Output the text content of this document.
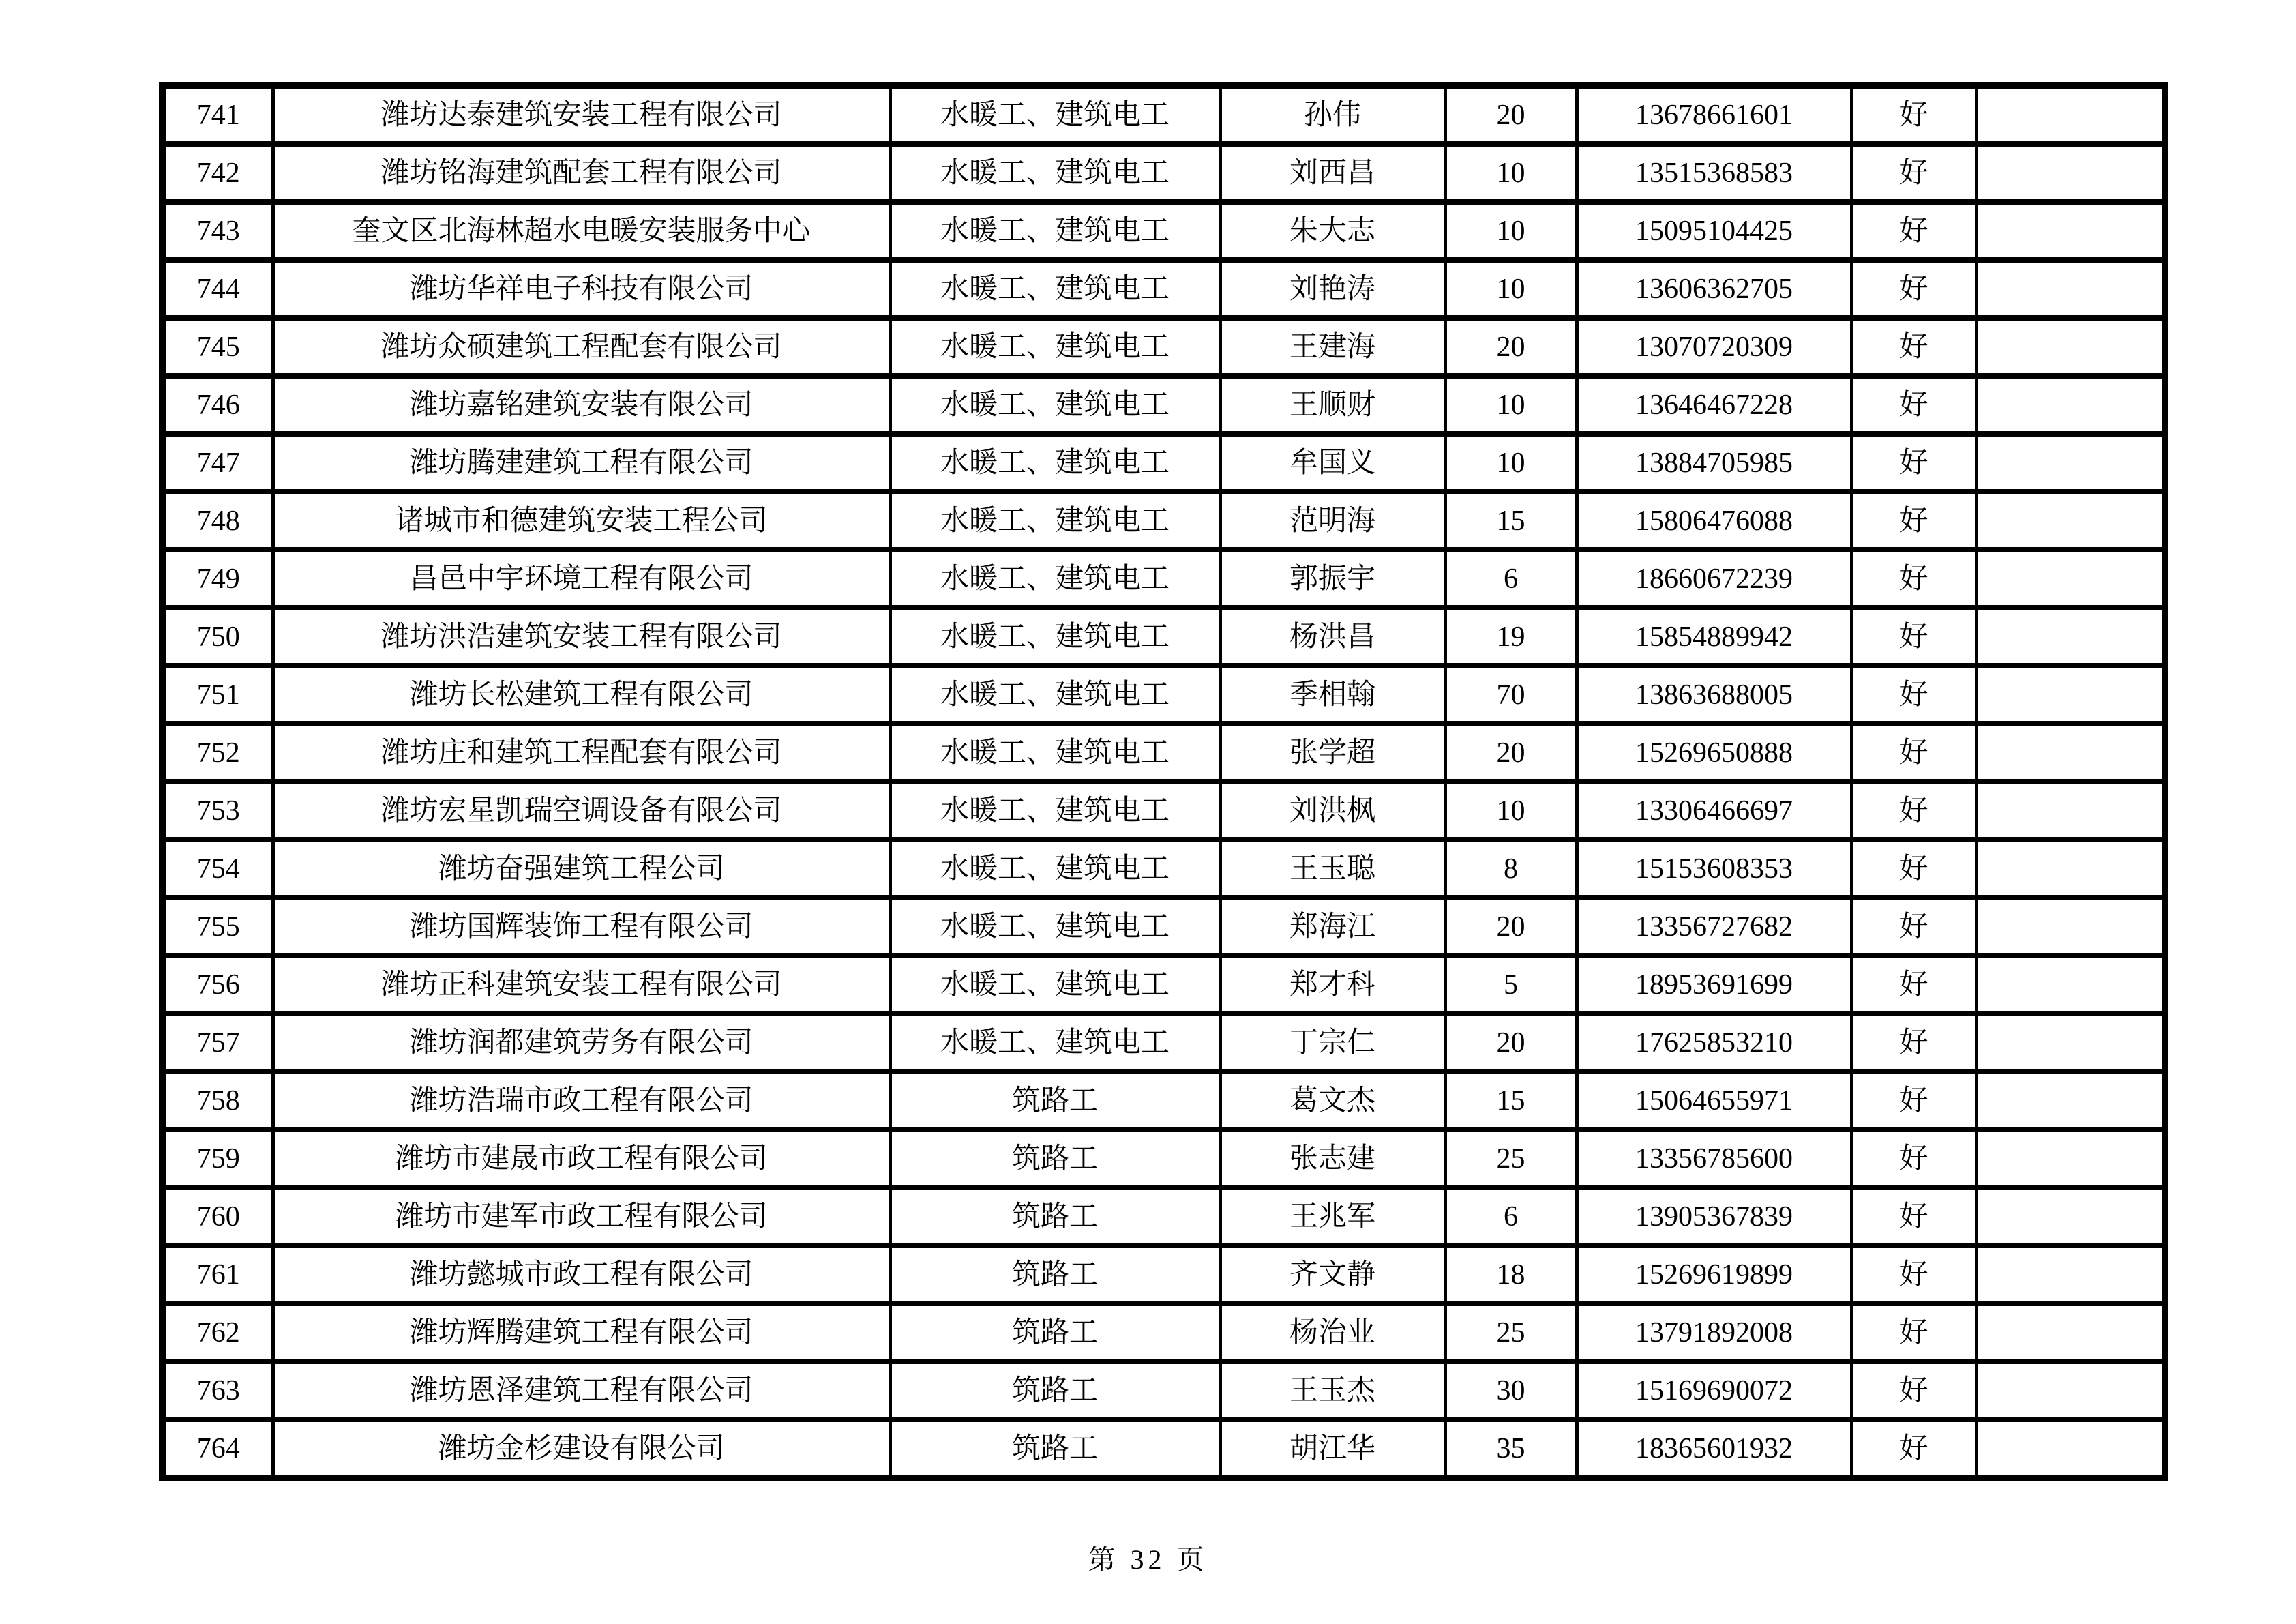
741	潍坊达泰建筑安装工程有限公司	水暖工、建筑电工	孙伟	20	13678661601	好	
742	潍坊铭海建筑配套工程有限公司	水暖工、建筑电工	刘西昌	10	13515368583	好	
743	奎文区北海林超水电暖安装服务中心	水暖工、建筑电工	朱大志	10	15095104425	好	
744	潍坊华祥电子科技有限公司	水暖工、建筑电工	刘艳涛	10	13606362705	好	
745	潍坊众硕建筑工程配套有限公司	水暖工、建筑电工	王建海	20	13070720309	好	
746	潍坊嘉铭建筑安装有限公司	水暖工、建筑电工	王顺财	10	13646467228	好	
747	潍坊腾建建筑工程有限公司	水暖工、建筑电工	牟国义	10	13884705985	好	
748	诸城市和德建筑安装工程公司	水暖工、建筑电工	范明海	15	15806476088	好	
749	昌邑中宇环境工程有限公司	水暖工、建筑电工	郭振宇	6	18660672239	好	
750	潍坊洪浩建筑安装工程有限公司	水暖工、建筑电工	杨洪昌	19	15854889942	好	
751	潍坊长松建筑工程有限公司	水暖工、建筑电工	季相翰	70	13863688005	好	
752	潍坊庄和建筑工程配套有限公司	水暖工、建筑电工	张学超	20	15269650888	好	
753	潍坊宏星凯瑞空调设备有限公司	水暖工、建筑电工	刘洪枫	10	13306466697	好	
754	潍坊奋强建筑工程公司	水暖工、建筑电工	王玉聪	8	15153608353	好	
755	潍坊国辉装饰工程有限公司	水暖工、建筑电工	郑海江	20	13356727682	好	
756	潍坊正科建筑安装工程有限公司	水暖工、建筑电工	郑才科	5	18953691699	好	
757	潍坊润都建筑劳务有限公司	水暖工、建筑电工	丁宗仁	20	17625853210	好	
758	潍坊浩瑞市政工程有限公司	筑路工	葛文杰	15	15064655971	好	
759	潍坊市建晟市政工程有限公司	筑路工	张志建	25	13356785600	好	
760	潍坊市建军市政工程有限公司	筑路工	王兆军	6	13905367839	好	
761	潍坊懿城市政工程有限公司	筑路工	齐文静	18	15269619899	好	
762	潍坊辉腾建筑工程有限公司	筑路工	杨治业	25	13791892008	好	
763	潍坊恩泽建筑工程有限公司	筑路工	王玉杰	30	15169690072	好	
764	潍坊金杉建设有限公司	筑路工	胡江华	35	18365601932	好	
第 32 页
